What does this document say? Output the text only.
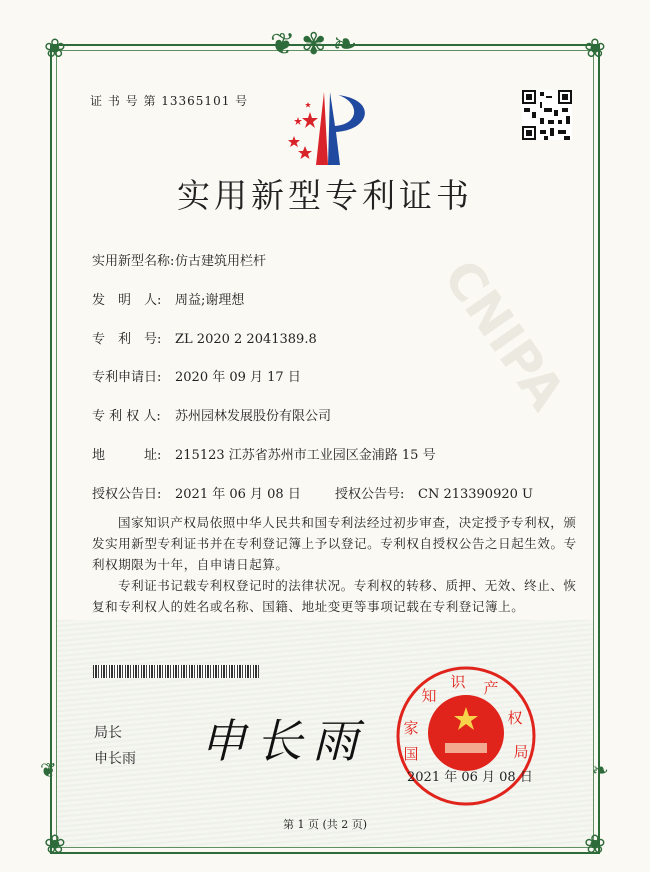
❦✾❧
❀	❀
❀	❀
❦	❧
CNIPA
证 书 号 第 13365101 号
实用新型专利证书
实用新型名称:仿古建筑用栏杆
发　明　人: 周益;谢理想
专　利　号: ZL 2020 2 2041389.8
专利申请日: 2020 年 09 月 17 日
专 利 权 人: 苏州园林发展股份有限公司
地　　　址: 215123 江苏省苏州市工业园区金浦路 15 号
授权公告日: 2021 年 06 月 08 日	授权公告号: CN 213390920 U

国家知识产权局依照中华人民共和国专利法经过初步审查，决定授予专利权，颁发实用新型专利证书并在专利登记簿上予以登记。专利权自授权公告之日起生效。专利权期限为十年，自申请日起算。

专利证书记载专利权登记时的法律状况。专利权的转移、质押、无效、终止、恢复和专利权人的姓名或名称、国籍、地址变更等事项记载在专利登记簿上。

局长
申长雨 申长雨 国
家
知
识 产
权
局
2021 年 06 月 08 日
第 1 页 (共 2 页)
